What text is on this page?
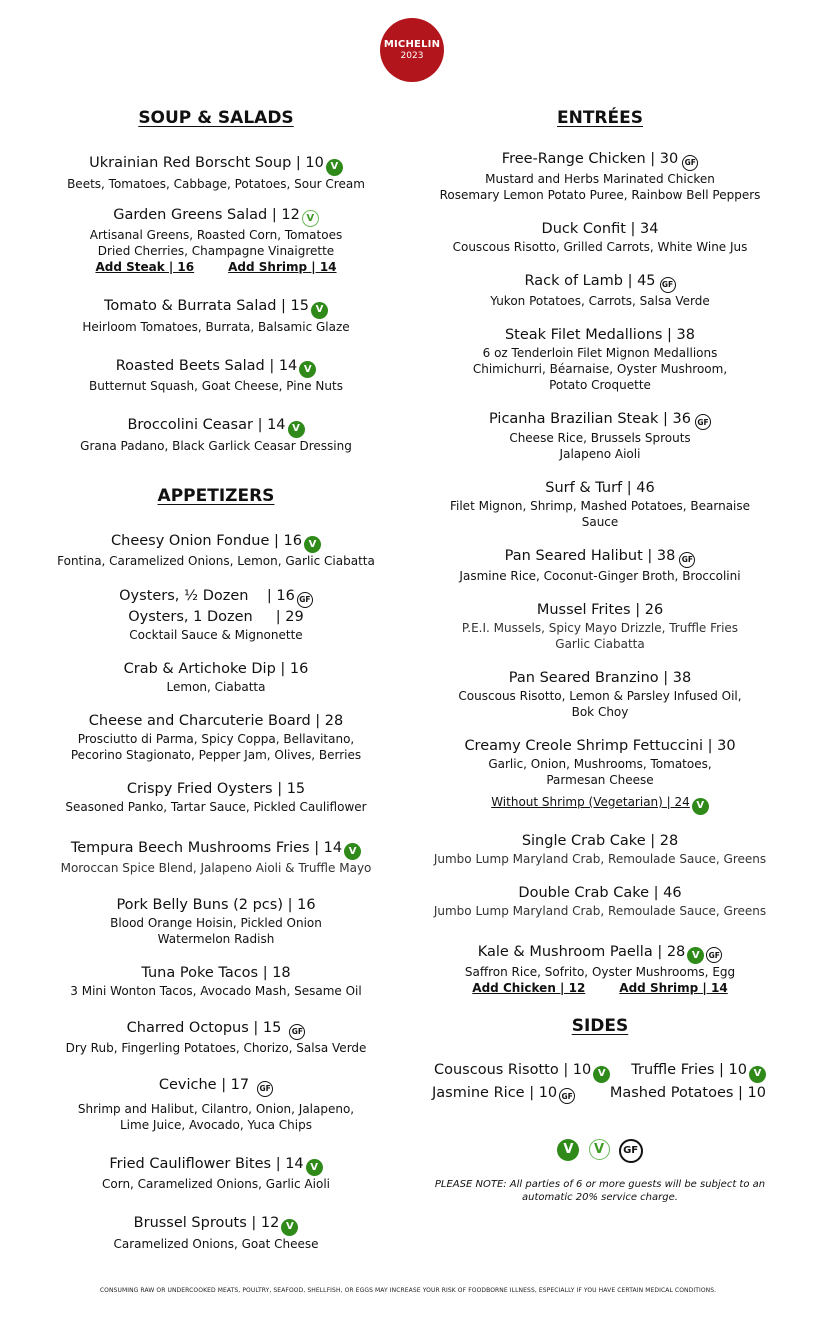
MICHELIN
2023
SOUP & SALADS
Ukrainian Red Borscht Soup | 10 V
Beets, Tomatoes, Cabbage, Potatoes, Sour Cream
Garden Greens Salad | 12 V
Artisanal Greens, Roasted Corn, Tomatoes
Dried Cherries, Champagne Vinaigrette
Add Steak | 16	Add Shrimp | 14
Tomato & Burrata Salad | 15 V
Heirloom Tomatoes, Burrata, Balsamic Glaze
Roasted Beets Salad | 14 V
Butternut Squash, Goat Cheese, Pine Nuts
Broccolini Ceasar | 14 V
Grana Padano, Black Garlick Ceasar Dressing
APPETIZERS
Cheesy Onion Fondue | 16 V
Fontina, Caramelized Onions, Lemon, Garlic Ciabatta
Oysters, ½ Dozen    | 16 GF
Oysters, 1 Dozen     | 29
Cocktail Sauce & Mignonette
Crab & Artichoke Dip | 16
Lemon, Ciabatta
Cheese and Charcuterie Board | 28
Prosciutto di Parma, Spicy Coppa, Bellavitano,
Pecorino Stagionato, Pepper Jam, Olives, Berries
Crispy Fried Oysters | 15
Seasoned Panko, Tartar Sauce, Pickled Cauliflower
Tempura Beech Mushrooms Fries | 14 V
Moroccan Spice Blend, Jalapeno Aioli & Truffle Mayo
Pork Belly Buns (2 pcs) | 16
Blood Orange Hoisin, Pickled Onion
Watermelon Radish
Tuna Poke Tacos | 18
3 Mini Wonton Tacos, Avocado Mash, Sesame Oil
Charred Octopus | 15 GF
Dry Rub, Fingerling Potatoes, Chorizo, Salsa Verde
Ceviche | 17 GF
Shrimp and Halibut, Cilantro, Onion, Jalapeno,
Lime Juice, Avocado, Yuca Chips
Fried Cauliflower Bites | 14 V
Corn, Caramelized Onions, Garlic Aioli
Brussel Sprouts | 12 V
Caramelized Onions, Goat Cheese
ENTRÉES
Free-Range Chicken | 30 GF
Mustard and Herbs Marinated Chicken
Rosemary Lemon Potato Puree, Rainbow Bell Peppers
Duck Confit | 34
Couscous Risotto, Grilled Carrots, White Wine Jus
Rack of Lamb | 45 GF
Yukon Potatoes, Carrots, Salsa Verde
Steak Filet Medallions | 38
6 oz Tenderloin Filet Mignon Medallions
Chimichurri, Béarnaise, Oyster Mushroom,
Potato Croquette
Picanha Brazilian Steak | 36 GF
Cheese Rice, Brussels Sprouts
Jalapeno Aioli
Surf & Turf | 46
Filet Mignon, Shrimp, Mashed Potatoes, Bearnaise
Sauce
Pan Seared Halibut | 38 GF
Jasmine Rice, Coconut-Ginger Broth, Broccolini
Mussel Frites | 26
P.E.I. Mussels, Spicy Mayo Drizzle, Truffle Fries
Garlic Ciabatta
Pan Seared Branzino | 38
Couscous Risotto, Lemon & Parsley Infused Oil,
Bok Choy
Creamy Creole Shrimp Fettuccini | 30
Garlic, Onion, Mushrooms, Tomatoes,
Parmesan Cheese
Without Shrimp (Vegetarian) | 24 V
Single Crab Cake | 28
Jumbo Lump Maryland Crab, Remoulade Sauce, Greens
Double Crab Cake | 46
Jumbo Lump Maryland Crab, Remoulade Sauce, Greens
Kale & Mushroom Paella | 28 V GF
Saffron Rice, Sofrito, Oyster Mushrooms, Egg
Add Chicken | 12	Add Shrimp | 14
SIDES
Couscous Risotto | 10 V	Truffle Fries | 10 V
Jasmine Rice | 10 GF	Mashed Potatoes | 10
V V GF
PLEASE NOTE: All parties of 6 or more guests will be subject to an automatic 20% service charge.
CONSUMING RAW OR UNDERCOOKED MEATS, POULTRY, SEAFOOD, SHELLFISH, OR EGGS MAY INCREASE YOUR RISK OF FOODBORNE ILLNESS, ESPECIALLY IF YOU HAVE CERTAIN MEDICAL CONDITIONS.
